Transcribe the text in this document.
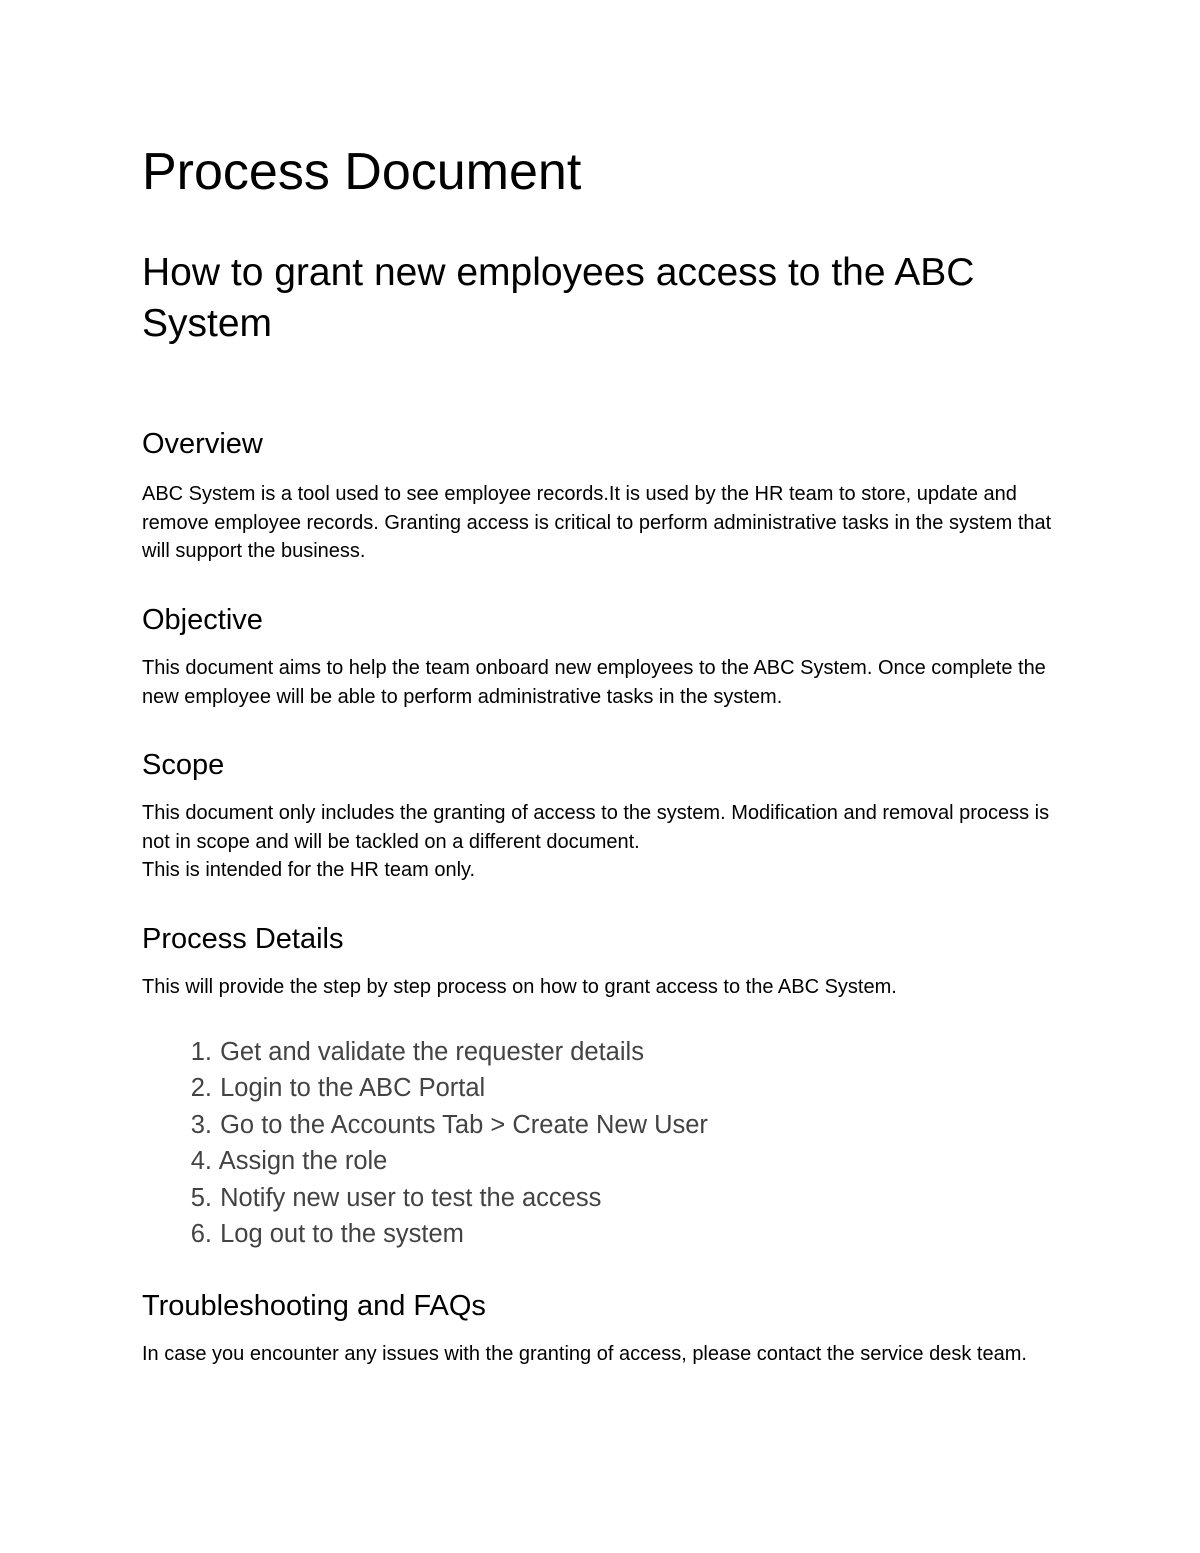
Process Document
How to grant new employees access to the ABC System
Overview

ABC System is a tool used to see employee records.It is used by the HR team to store, update and remove employee records. Granting access is critical to perform administrative tasks in the system that will support the business.

Objective

This document aims to help the team onboard new employees to the ABC System. Once complete the new employee will be able to perform administrative tasks in the system.

Scope

This document only includes the granting of access to the system. Modification and removal process is not in scope and will be tackled on a different document.

This is intended for the HR team only.

Process Details

This will provide the step by step process on how to grant access to the ABC System.

1. Get and validate the requester details
2. Login to the ABC Portal
3. Go to the Accounts Tab > Create New User
4. Assign the role
5. Notify new user to test the access
6. Log out to the system
Troubleshooting and FAQs

In case you encounter any issues with the granting of access, please contact the service desk team.
